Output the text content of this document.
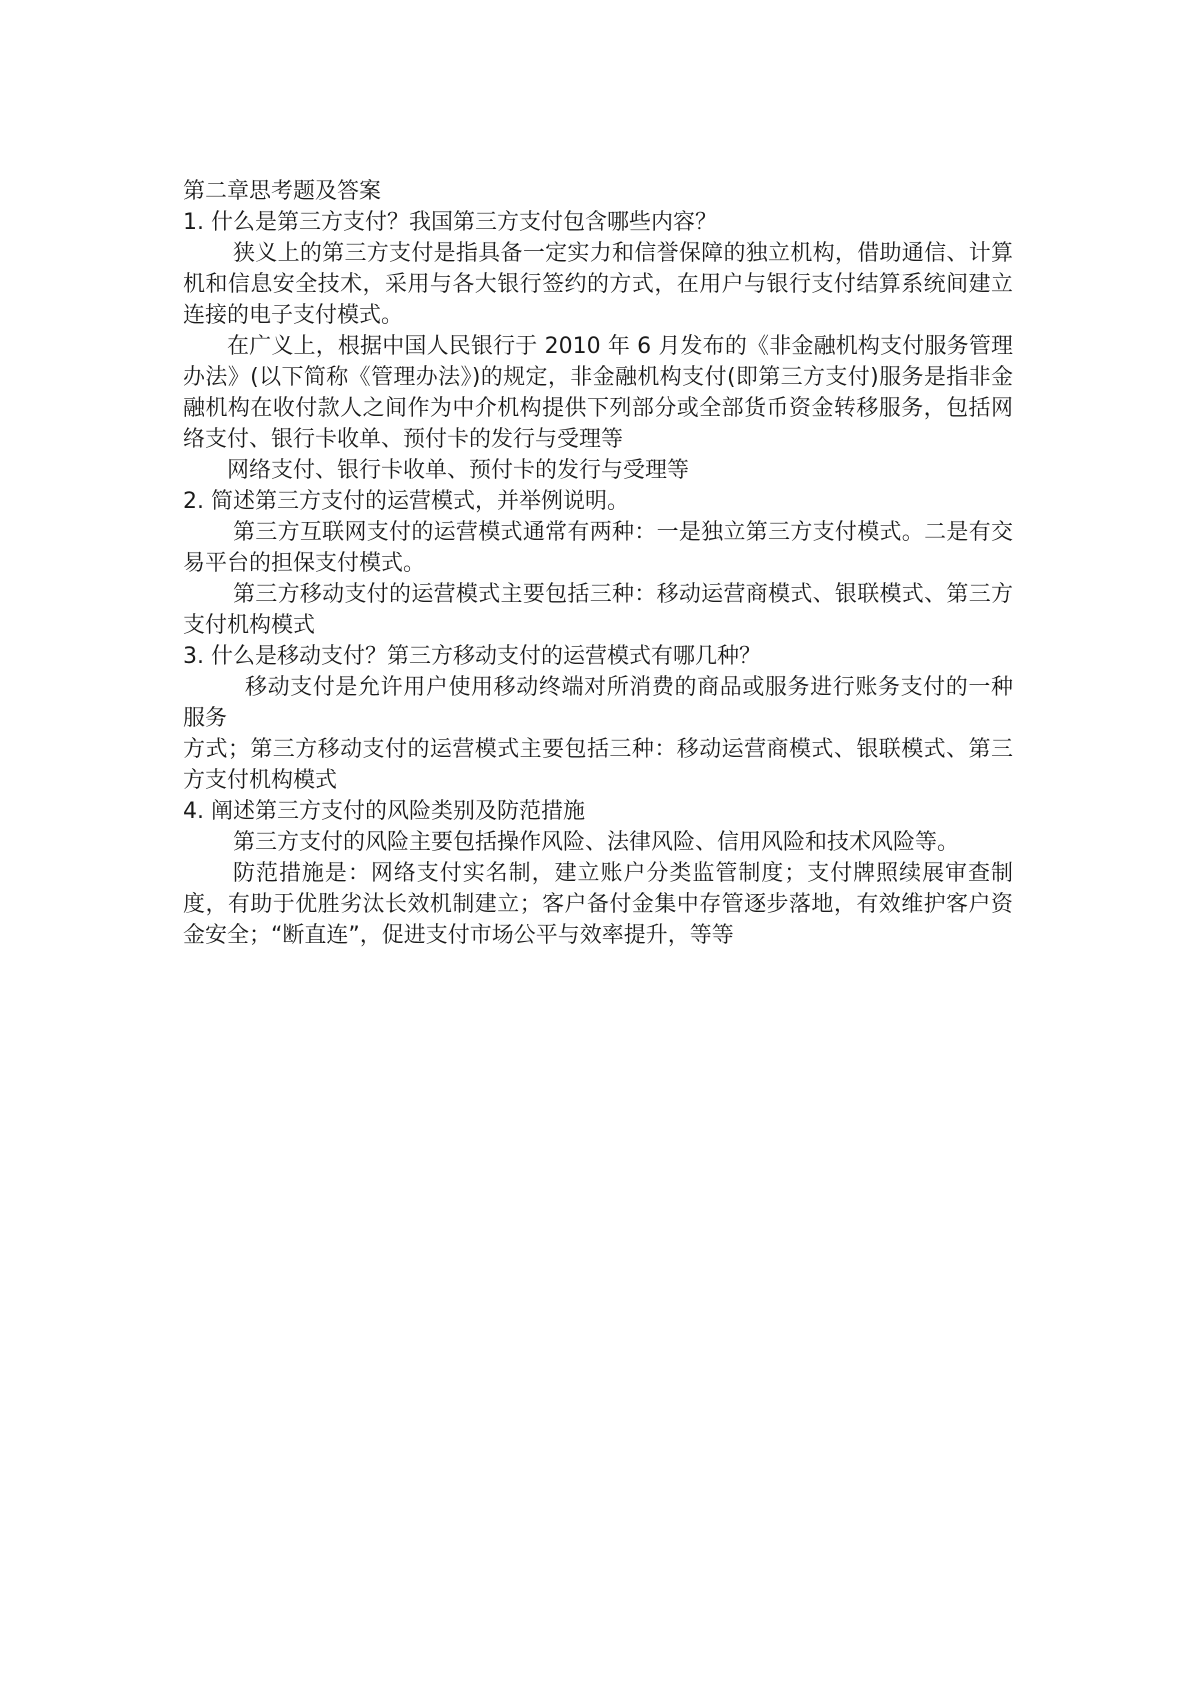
第二章思考题及答案

1. 什么是第三方支付？我国第三方支付包含哪些内容？

狭义上的第三方支付是指具备一定实力和信誉保障的独立机构，借助通信、计算机和信息安全技术，采用与各大银行签约的方式，在用户与银行支付结算系统间建立连接的电子支付模式。

在广义上，根据中国人民银行于 2010 年 6 月发布的《非金融机构支付服务管理办法》(以下简称《管理办法》)的规定，非金融机构支付(即第三方支付)服务是指非金融机构在收付款人之间作为中介机构提供下列部分或全部货币资金转移服务，包括网络支付、银行卡收单、预付卡的发行与受理等

网络支付、银行卡收单、预付卡的发行与受理等

2. 简述第三方支付的运营模式，并举例说明。

第三方互联网支付的运营模式通常有两种：一是独立第三方支付模式。二是有交易平台的担保支付模式。

第三方移动支付的运营模式主要包括三种：移动运营商模式、银联模式、第三方支付机构模式

3. 什么是移动支付？第三方移动支付的运营模式有哪几种？

移动支付是允许用户使用移动终端对所消费的商品或服务进行账务支付的一种服务

方式；第三方移动支付的运营模式主要包括三种：移动运营商模式、银联模式、第三方支付机构模式

4. 阐述第三方支付的风险类别及防范措施

第三方支付的风险主要包括操作风险、法律风险、信用风险和技术风险等。

防范措施是：网络支付实名制，建立账户分类监管制度；支付牌照续展审查制度，有助于优胜劣汰长效机制建立；客户备付金集中存管逐步落地，有效维护客户资金安全；“断直连”，促进支付市场公平与效率提升，等等
